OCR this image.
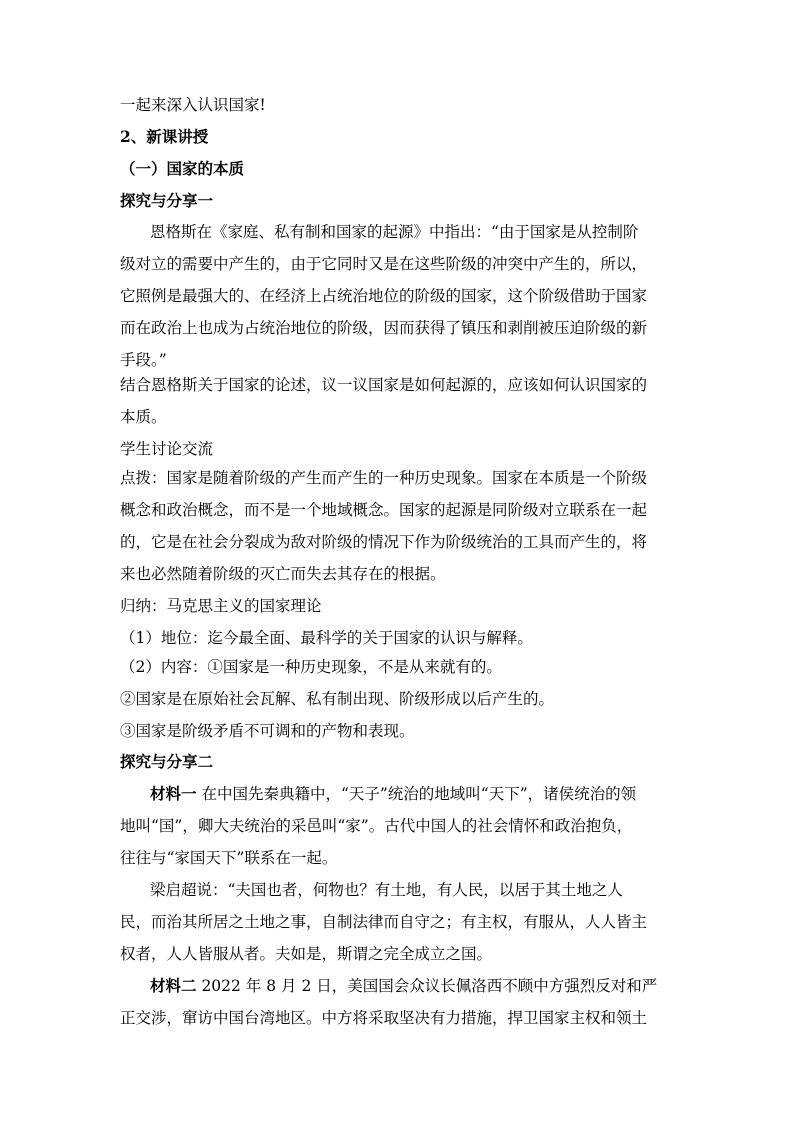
一起来深入认识国家!
2、新课讲授
（一）国家的本质
探究与分享一
恩格斯在《家庭、私有制和国家的起源》中指出：“由于国家是从控制阶
级对立的需要中产生的，由于它同时又是在这些阶级的冲突中产生的，所以，
它照例是最强大的、在经济上占统治地位的阶级的国家，这个阶级借助于国家
而在政治上也成为占统治地位的阶级，因而获得了镇压和剥削被压迫阶级的新
手段。”
结合恩格斯关于国家的论述，议一议国家是如何起源的，应该如何认识国家的
本质。
学生讨论交流
点拨：国家是随着阶级的产生而产生的一种历史现象。国家在本质是一个阶级
概念和政治概念，而不是一个地域概念。国家的起源是同阶级对立联系在一起
的，它是在社会分裂成为敌对阶级的情况下作为阶级统治的工具而产生的，将
来也必然随着阶级的灭亡而失去其存在的根据。
归纳：马克思主义的国家理论
（1）地位：迄今最全面、最科学的关于国家的认识与解释。
（2）内容：①国家是一种历史现象，不是从来就有的。
②国家是在原始社会瓦解、私有制出现、阶级形成以后产生的。
③国家是阶级矛盾不可调和的产物和表现。
探究与分享二
材料一 在中国先秦典籍中，“天子”统治的地域叫“天下”，诸侯统治的领
地叫“国”，卿大夫统治的采邑叫“家”。古代中国人的社会情怀和政治抱负，
往往与“家国天下”联系在一起。
梁启超说：“夫国也者，何物也？有土地，有人民，以居于其土地之人
民，而治其所居之土地之事，自制法律而自守之；有主权，有服从，人人皆主
权者，人人皆服从者。夫如是，斯谓之完全成立之国。
材料二 2022 年 8 月 2 日，美国国会众议长佩洛西不顾中方强烈反对和严
正交涉，窜访中国台湾地区。中方将采取坚决有力措施，捍卫国家主权和领土
